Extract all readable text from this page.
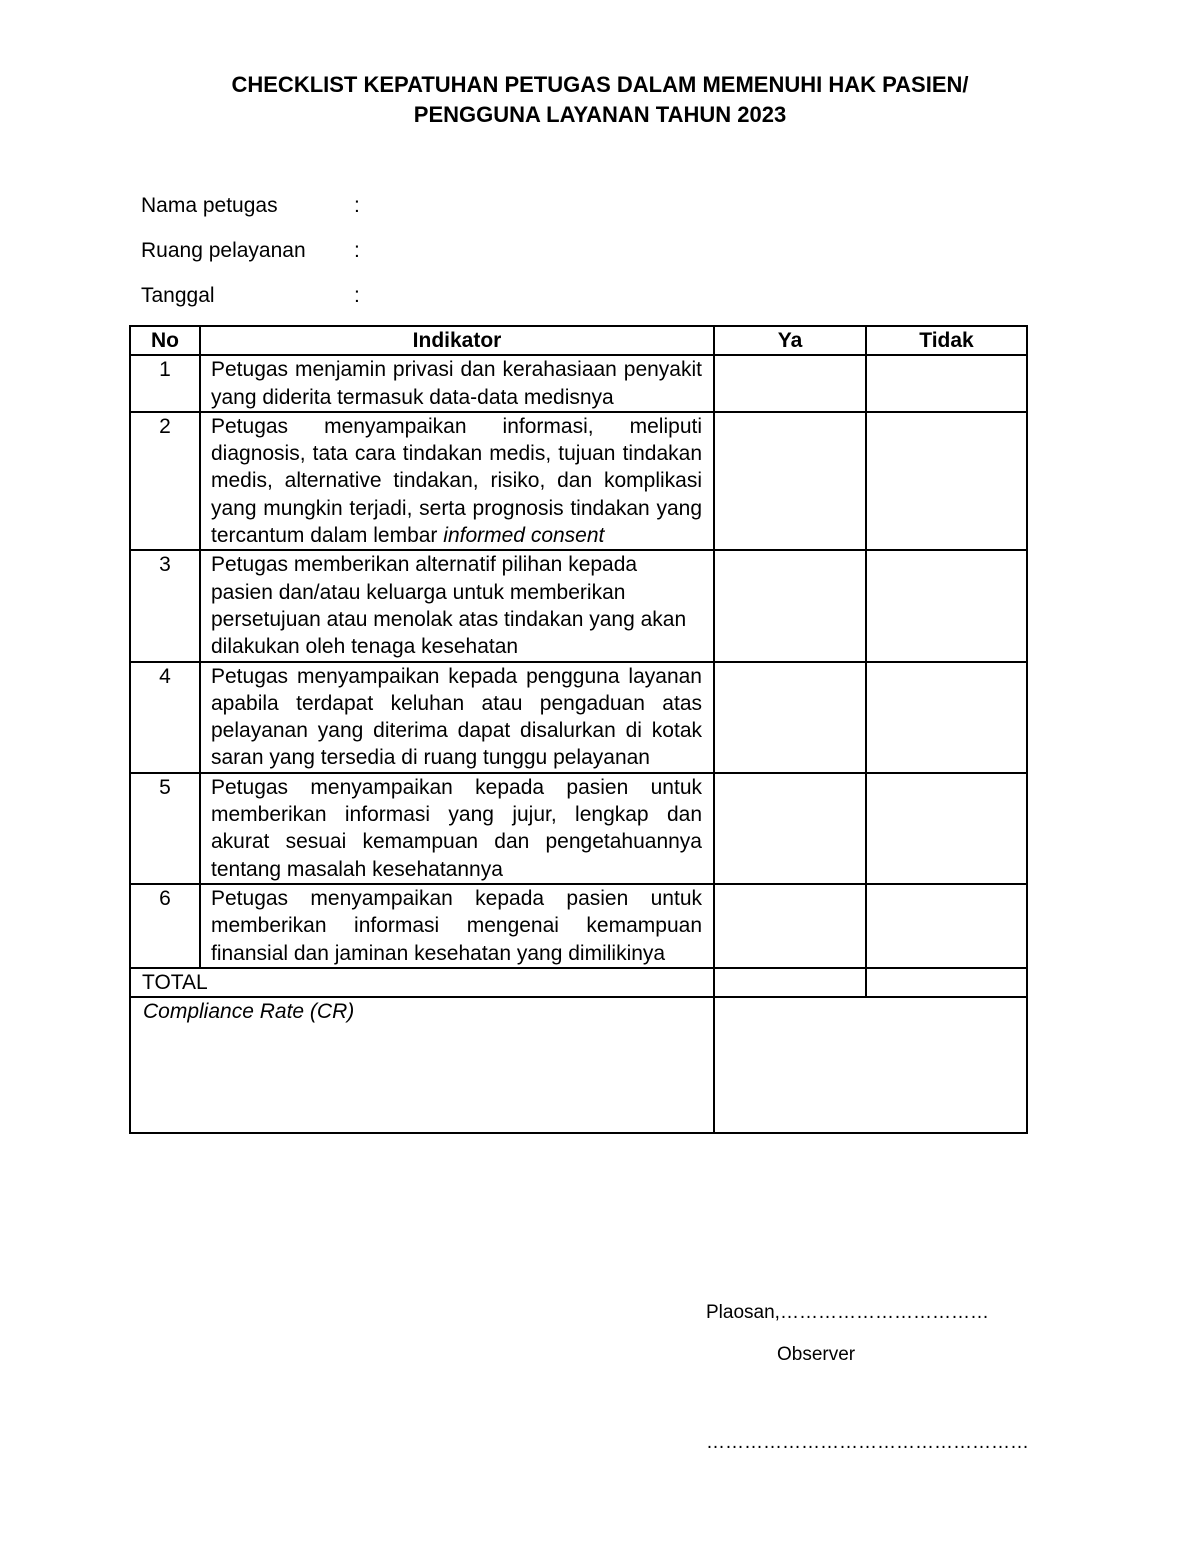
CHECKLIST KEPATUHAN PETUGAS DALAM MEMENUHI HAK PASIEN/
PENGGUNA LAYANAN TAHUN 2023
Nama petugas	:
Ruang pelayanan :
Tanggal	:
No	Indikator	Ya	Tidak
1	Petugas menjamin privasi dan kerahasiaan penyakit yang diderita termasuk data-data medisnya		
2	Petugas menyampaikan informasi, meliputi diagnosis, tata cara tindakan medis, tujuan tindakan medis, alternative tindakan, risiko, dan komplikasi yang mungkin terjadi, serta prognosis tindakan yang tercantum dalam lembar informed consent		
3	Petugas memberikan alternatif pilihan kepada pasien dan/atau keluarga untuk memberikan persetujuan atau menolak atas tindakan yang akan dilakukan oleh tenaga kesehatan		
4	Petugas menyampaikan kepada pengguna layanan apabila terdapat keluhan atau pengaduan atas pelayanan yang diterima dapat disalurkan di kotak saran yang tersedia di ruang tunggu pelayanan		
5	Petugas menyampaikan kepada pasien untuk memberikan informasi yang jujur, lengkap dan akurat sesuai kemampuan dan pengetahuannya tentang masalah kesehatannya		
6	Petugas menyampaikan kepada pasien untuk memberikan informasi mengenai kemampuan finansial dan jaminan kesehatan yang dimilikinya		
TOTAL			
Compliance Rate (CR)			
Plaosan,……………………………
Observer
……………………………………………
